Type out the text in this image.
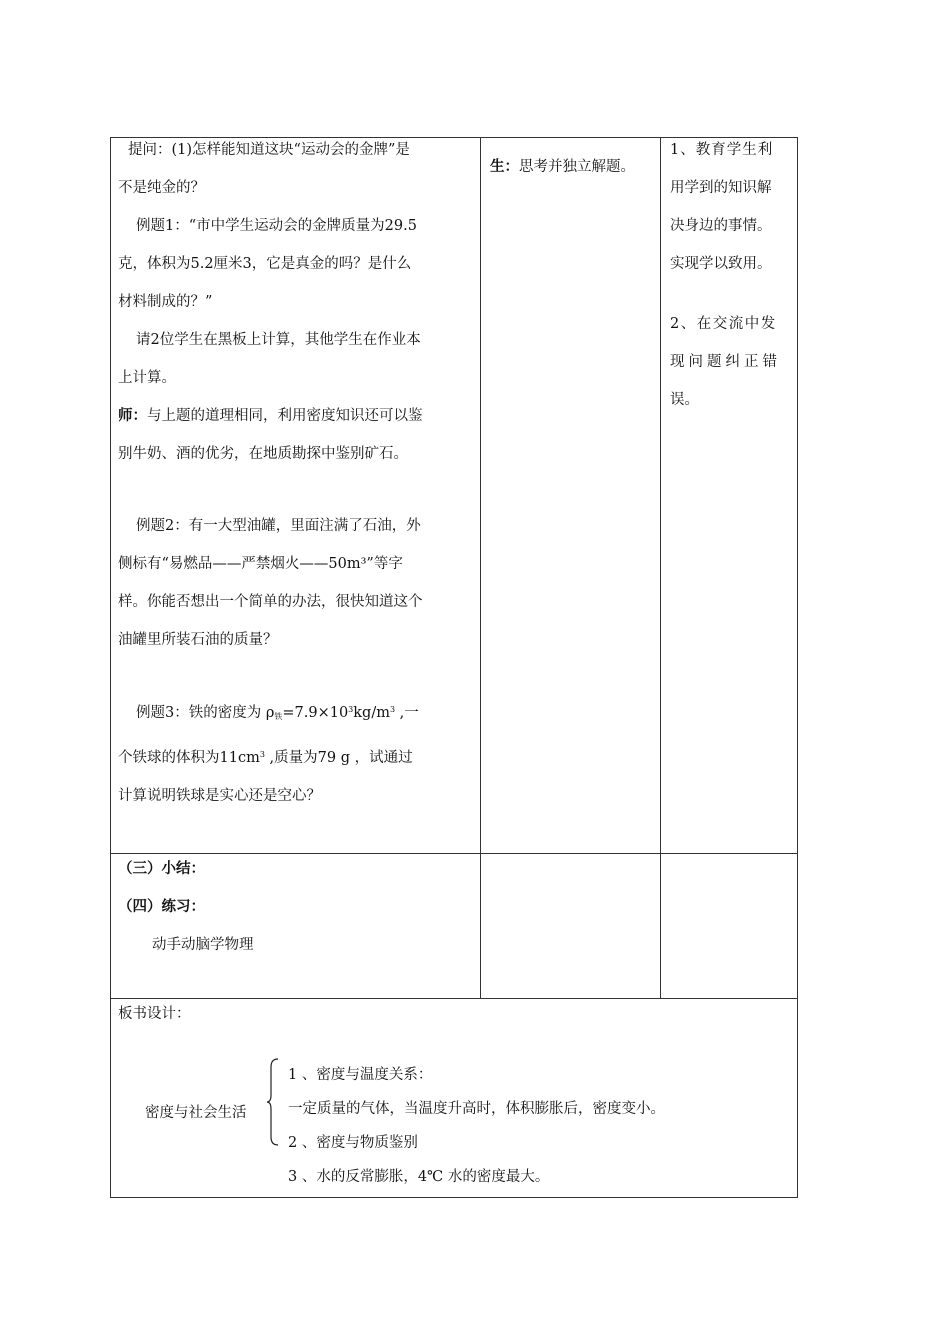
提问：(1)怎样能知道这块“运动会的金牌”是

不是纯金的？

例题1：“市中学生运动会的金牌质量为29.5

克，体积为5.2厘米3，它是真金的吗？是什么

材料制成的？”

请2位学生在黑板上计算，其他学生在作业本

上计算。

师：与上题的道理相同，利用密度知识还可以鉴

别牛奶、酒的优劣，在地质勘探中鉴别矿石。

例题2：有一大型油罐，里面注满了石油，外

侧标有“易燃品——严禁烟火——50m³”等字

样。你能否想出一个简单的办法，很快知道这个

油罐里所装石油的质量？

例题3：铁的密度为 $\rho_铁=7.9\times 10^3kg/m^3$ ,一

个铁球的体积为$11cm^3$ ,质量为79 g ，试通过

计算说明铁球是实心还是空心？

生：思考并独立解题。

1、教育学生利

用学到的知识解

决身边的事情。

实现学以致用。

2、在交流中发

现问题纠正错

误。

（三）小结：

（四）练习：

动手动脑学物理

板书设计：

密度与社会生活

1 、密度与温度关系：

一定质量的气体，当温度升高时，体积膨胀后，密度变小。

2 、密度与物质鉴别

3 、水的反常膨胀，4℃ 水的密度最大。
